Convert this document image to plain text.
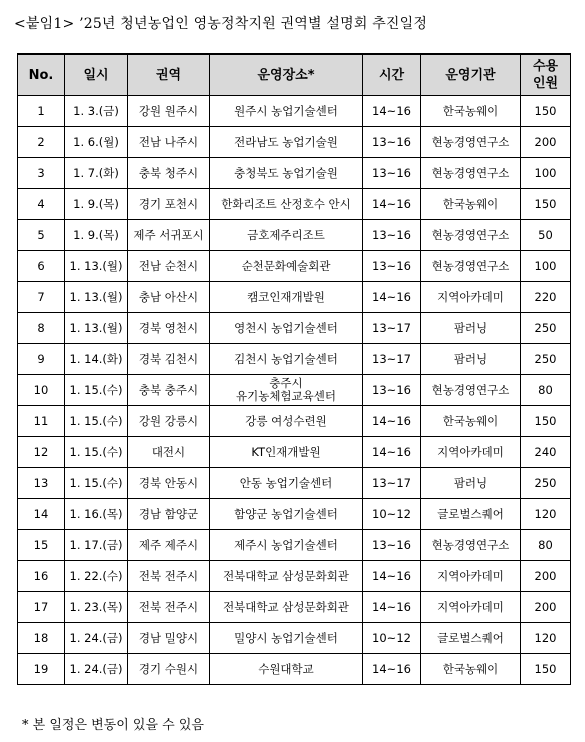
<붙임1> ’25년 청년농업인 영농정착지원 권역별 설명회 추진일정
No.	일시	권역	운영장소*	시간	운영기관	수용
인원
1	1. 3.(금)	강원 원주시	원주시 농업기술센터	14~16	한국농웨이	150
2	1. 6.(월)	전남 나주시	전라남도 농업기술원	13~16	현농경영연구소	200
3	1. 7.(화)	충북 청주시	충청북도 농업기술원	13~16	현농경영연구소	100
4	1. 9.(목)	경기 포천시	한화리조트 산정호수 안시	14~16	한국농웨이	150
5	1. 9.(목)	제주 서귀포시	금호제주리조트	13~16	현농경영연구소	50
6	1. 13.(월)	전남 순천시	순천문화예술회관	13~16	현농경영연구소	100
7	1. 13.(월)	충남 아산시	캠코인재개발원	14~16	지역아카데미	220
8	1. 13.(월)	경북 영천시	영천시 농업기술센터	13~17	팜러닝	250
9	1. 14.(화)	경북 김천시	김천시 농업기술센터	13~17	팜러닝	250
10	1. 15.(수)	충북 충주시	충주시
유기농체험교육센터	13~16	현농경영연구소	80
11	1. 15.(수)	강원 강릉시	강릉 여성수련원	14~16	한국농웨이	150
12	1. 15.(수)	대전시	KT인재개발원	14~16	지역아카데미	240
13	1. 15.(수)	경북 안동시	안동 농업기술센터	13~17	팜러닝	250
14	1. 16.(목)	경남 함양군	함양군 농업기술센터	10~12	글로벌스퀘어	120
15	1. 17.(금)	제주 제주시	제주시 농업기술센터	13~16	현농경영연구소	80
16	1. 22.(수)	전북 전주시	전북대학교 삼성문화회관	14~16	지역아카데미	200
17	1. 23.(목)	전북 전주시	전북대학교 삼성문화회관	14~16	지역아카데미	200
18	1. 24.(금)	경남 밀양시	밀양시 농업기술센터	10~12	글로벌스퀘어	120
19	1. 24.(금)	경기 수원시	수원대학교	14~16	한국농웨이	150
* 본 일정은 변동이 있을 수 있음
